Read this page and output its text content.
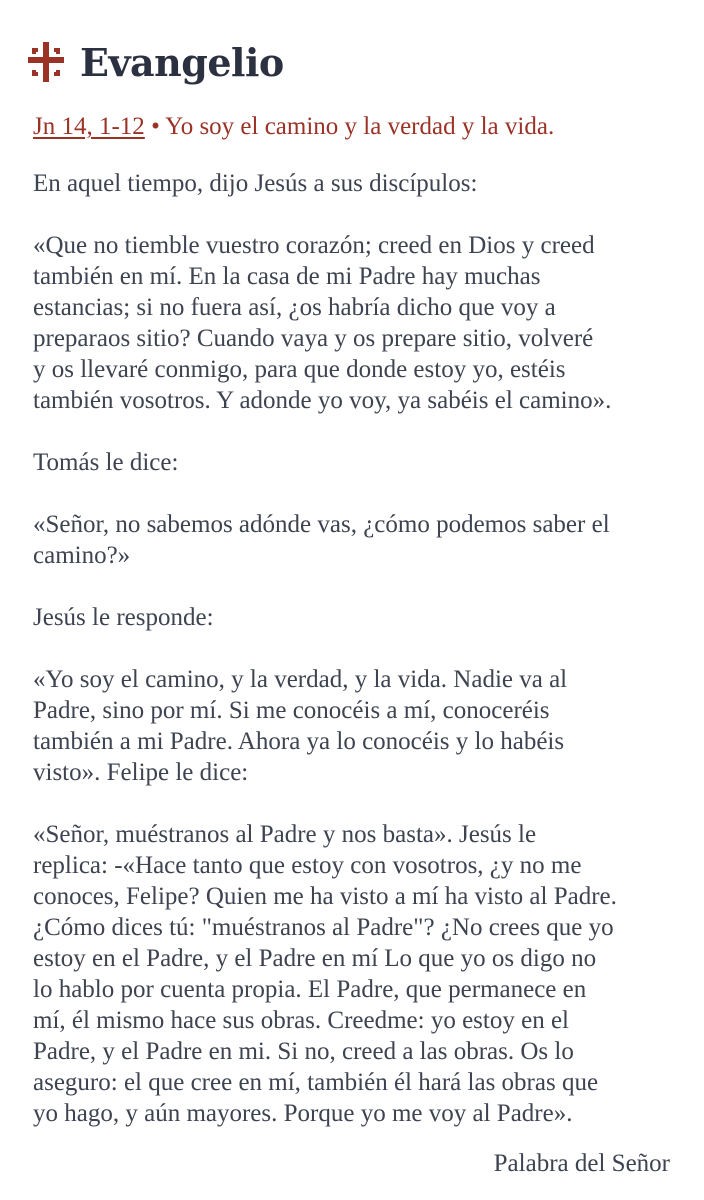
Evangelio
Jn 14, 1-12 • Yo soy el camino y la verdad y la vida.

En aquel tiempo, dijo Jesús a sus discípulos:

«Que no tiemble vuestro corazón; creed en Dios y creed
también en mí. En la casa de mi Padre hay muchas
estancias; si no fuera así, ¿os habría dicho que voy a
preparaos sitio? Cuando vaya y os prepare sitio, volveré
y os llevaré conmigo, para que donde estoy yo, estéis
también vosotros. Y adonde yo voy, ya sabéis el camino».

Tomás le dice:

«Señor, no sabemos adónde vas, ¿cómo podemos saber el
camino?»

Jesús le responde:

«Yo soy el camino, y la verdad, y la vida. Nadie va al
Padre, sino por mí. Si me conocéis a mí, conoceréis
también a mi Padre. Ahora ya lo conocéis y lo habéis
visto». Felipe le dice:

«Señor, muéstranos al Padre y nos basta». Jesús le
replica: -«Hace tanto que estoy con vosotros, ¿y no me
conoces, Felipe? Quien me ha visto a mí ha visto al Padre.
¿Cómo dices tú: "muéstranos al Padre"? ¿No crees que yo
estoy en el Padre, y el Padre en mí Lo que yo os digo no
lo hablo por cuenta propia. El Padre, que permanece en
mí, él mismo hace sus obras. Creedme: yo estoy en el
Padre, y el Padre en mi. Si no, creed a las obras. Os lo
aseguro: el que cree en mí, también él hará las obras que
yo hago, y aún mayores. Porque yo me voy al Padre».

Palabra del Señor
